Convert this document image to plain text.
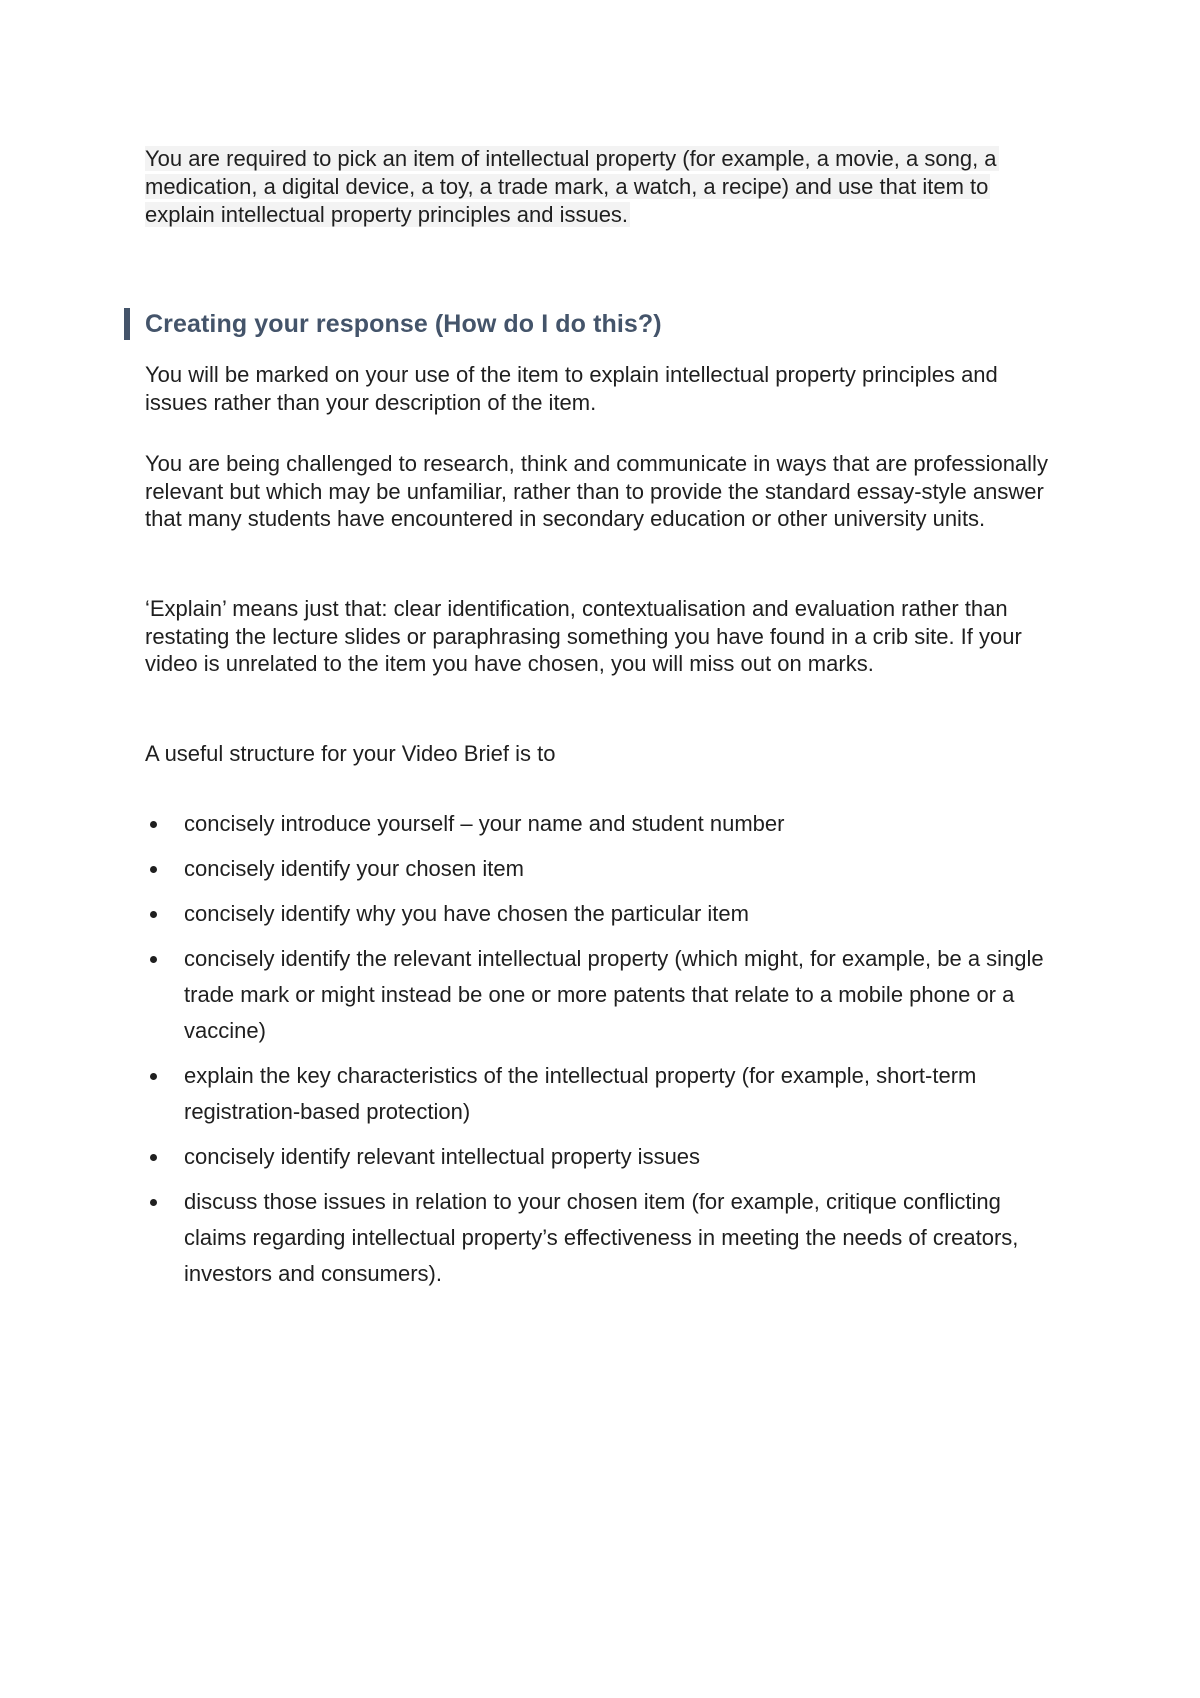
You are required to pick an item of intellectual property (for example, a movie, a song, a medication, a digital device, a toy, a trade mark, a watch, a recipe) and use that item to explain intellectual property principles and issues.

Creating your response (How do I do this?)

You will be marked on your use of the item to explain intellectual property principles and issues rather than your description of the item.

You are being challenged to research, think and communicate in ways that are professionally relevant but which may be unfamiliar, rather than to provide the standard essay-style answer that many students have encountered in secondary education or other university units.

‘Explain’ means just that: clear identification, contextualisation and evaluation rather than restating the lecture slides or paraphrasing something you have found in a crib site. If your video is unrelated to the item you have chosen, you will miss out on marks.

A useful structure for your Video Brief is to

concisely introduce yourself – your name and student number
concisely identify your chosen item
concisely identify why you have chosen the particular item
concisely identify the relevant intellectual property (which might, for example, be a single trade mark or might instead be one or more patents that relate to a mobile phone or a vaccine)
explain the key characteristics of the intellectual property (for example, short-term registration-based protection)
concisely identify relevant intellectual property issues
discuss those issues in relation to your chosen item (for example, critique conflicting claims regarding intellectual property’s effectiveness in meeting the needs of creators, investors and consumers).
